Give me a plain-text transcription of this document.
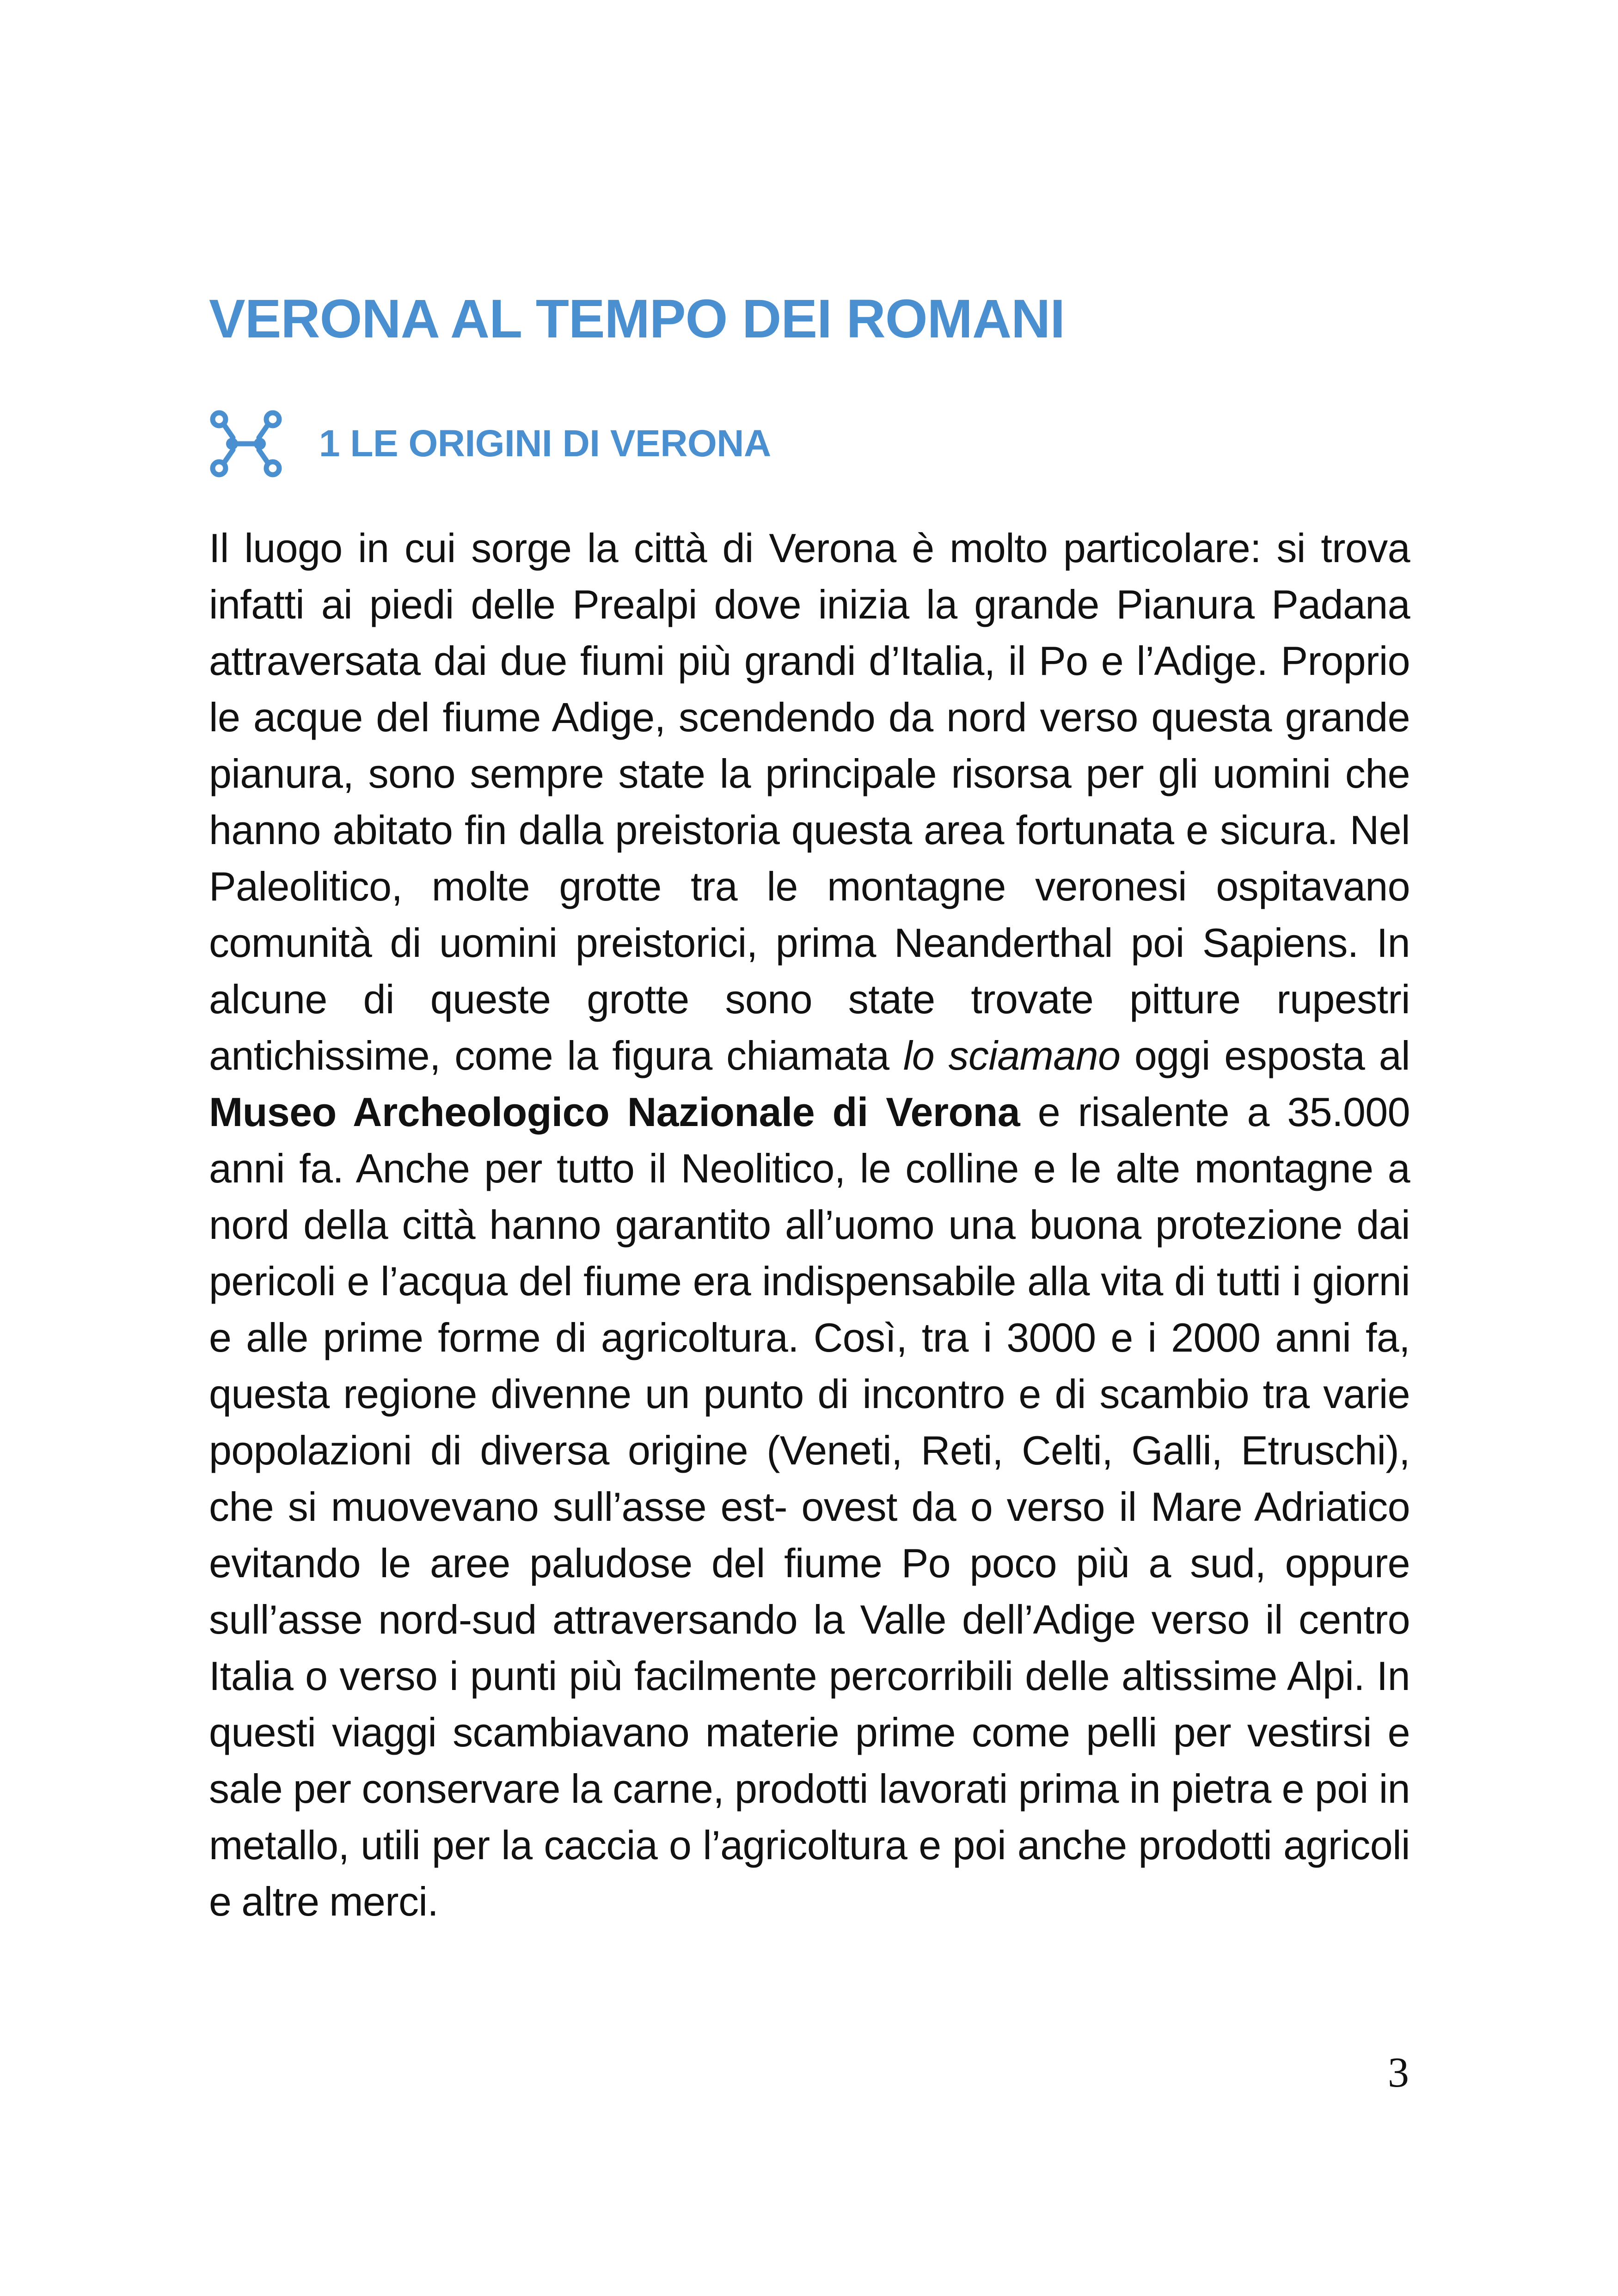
VERONA AL TEMPO DEI ROMANI
1 LE ORIGINI DI VERONA

Il luogo in cui sorge la città di Verona è molto particolare: si trova infatti ai piedi delle Prealpi dove inizia la grande Pianura Padana attraversata dai due fiumi più grandi d’Italia, il Po e l’Adige. Proprio le acque del fiume Adige, scendendo da nord verso questa grande pianura, sono sempre state la principale risorsa per gli uomini che hanno abitato fin dalla preistoria questa area fortunata e sicura. Nel Paleolitico, molte grotte tra le montagne veronesi ospitavano comunità di uomini preistorici, prima Neanderthal poi Sapiens. In alcune di queste grotte sono state trovate pitture rupestri antichissime, come la figura chiamata lo sciamano oggi esposta al Museo Archeologico Nazionale di Verona e risalente a 35.000 anni fa. Anche per tutto il Neolitico, le colline e le alte montagne a nord della città hanno garantito all’uomo una buona protezione dai pericoli e l’acqua del fiume era indispensabile alla vita di tutti i giorni e alle prime forme di agricoltura. Così, tra i 3000 e i 2000 anni fa, questa regione divenne un punto di incontro e di scambio tra varie popolazioni di diversa origine (Veneti, Reti, Celti, Galli, Etruschi), che si muovevano sull’asse est- ovest da o verso il Mare Adriatico evitando le aree paludose del fiume Po poco più a sud, oppure sull’asse nord-sud attraversando la Valle dell’Adige verso il centro Italia o verso i punti più facilmente percorribili delle altissime Alpi. In questi viaggi scambiavano materie prime come pelli per vestirsi e sale per conservare la carne, prodotti lavorati prima in pietra e poi in metallo, utili per la caccia o l’agricoltura e poi anche prodotti agricoli e altre merci.

3
